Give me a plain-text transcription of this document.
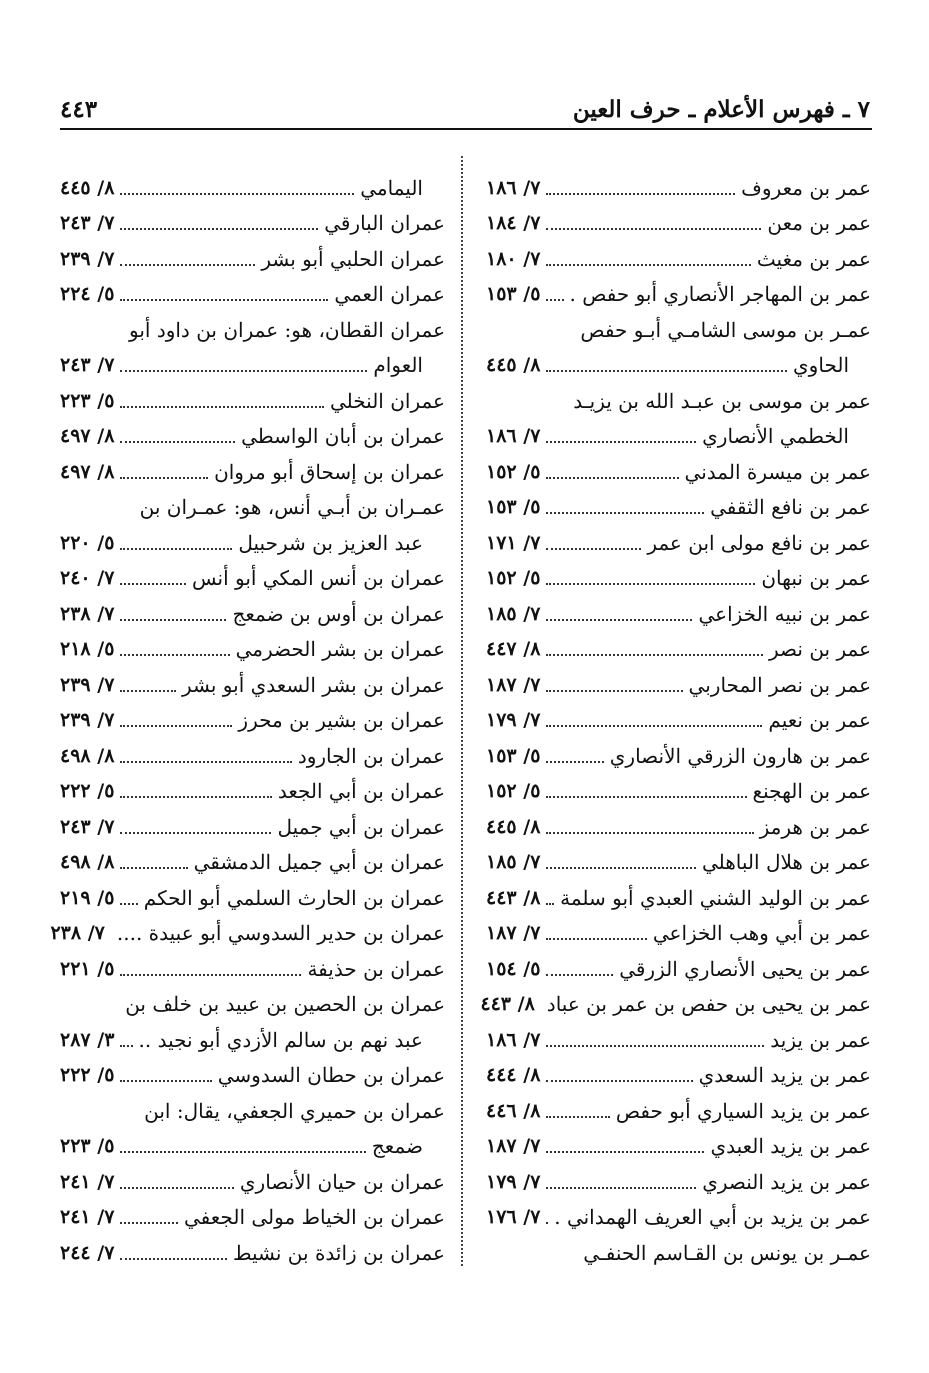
٧ ـ فهرس الأعلام ـ حرف العين
٤٤٣
عمر بن معروف
٧/ ١٨٦
عمر بن معن
٧/ ١٨٤
عمر بن مغيث
٧/ ١٨٠
عمر بن المهاجر الأنصاري أبو حفص .
٥/ ١٥٣
عمـر بن موسى الشامـي أبـو حفص
الحاوي
٨/ ٤٤٥
عمر بن موسى بن عبـد الله بن يزيـد
الخطمي الأنصاري
٧/ ١٨٦
عمر بن ميسرة المدني
٥/ ١٥٢
عمر بن نافع الثقفي
٥/ ١٥٣
عمر بن نافع مولى ابن عمر
٧/ ١٧١
عمر بن نبهان
٥/ ١٥٢
عمر بن نبيه الخزاعي
٧/ ١٨٥
عمر بن نصر
٨/ ٤٤٧
عمر بن نصر المحاربي
٧/ ١٨٧
عمر بن نعيم
٧/ ١٧٩
عمر بن هارون الزرقي الأنصاري
٥/ ١٥٣
عمر بن الهجنع
٥/ ١٥٢
عمر بن هرمز
٨/ ٤٤٥
عمر بن هلال الباهلي
٧/ ١٨٥
عمر بن الوليد الشني العبدي أبو سلمة
٨/ ٤٤٣
عمر بن أبي وهب الخزاعي
٧/ ١٨٧
عمر بن يحيى الأنصاري الزرقي
٥/ ١٥٤
عمر بن يحيى بن حفص بن عمر بن عباد
٨/ ٤٤٣
عمر بن يزيد
٧/ ١٨٦
عمر بن يزيد السعدي
٨/ ٤٤٤
عمر بن يزيد السياري أبو حفص
٨/ ٤٤٦
عمر بن يزيد العبدي
٧/ ١٨٧
عمر بن يزيد النصري
٧/ ١٧٩
عمر بن يزيد بن أبي العريف الهمداني .
٧/ ١٧٦
عمـر بن يونس بن القـاسم الحنفـي
اليمامي
٨/ ٤٤٥
عمران البارقي
٧/ ٢٤٣
عمران الحلبي أبو بشر
٧/ ٢٣٩
عمران العمي
٥/ ٢٢٤
عمران القطان، هو: عمران بن داود أبو
العوام
٧/ ٢٤٣
عمران النخلي
٥/ ٢٢٣
عمران بن أبان الواسطي
٨/ ٤٩٧
عمران بن إسحاق أبو مروان
٨/ ٤٩٧
عمـران بن أبـي أنس، هو: عمـران بن
عبد العزيز بن شرحبيل
٥/ ٢٢٠
عمران بن أنس المكي أبو أنس
٧/ ٢٤٠
عمران بن أوس بن ضمعج
٧/ ٢٣٨
عمران بن بشر الحضرمي
٥/ ٢١٨
عمران بن بشر السعدي أبو بشر
٧/ ٢٣٩
عمران بن بشير بن محرز
٧/ ٢٣٩
عمران بن الجارود
٨/ ٤٩٨
عمران بن أبي الجعد
٥/ ٢٢٢
عمران بن أبي جميل
٧/ ٢٤٣
عمران بن أبي جميل الدمشقي
٨/ ٤٩٨
عمران بن الحارث السلمي أبو الحكم
٥/ ٢١٩
عمران بن حدير السدوسي أبو عبيدة ....
٧/ ٢٣٨
عمران بن حذيفة
٥/ ٢٢١
عمران بن الحصين بن عبيد بن خلف بن
عبد نهم بن سالم الأزدي أبو نجيد ..
٣/ ٢٨٧
عمران بن حطان السدوسي
٥/ ٢٢٢
عمران بن حميري الجعفي، يقال: ابن
ضمعج
٥/ ٢٢٣
عمران بن حيان الأنصاري
٧/ ٢٤١
عمران بن الخياط مولى الجعفي
٧/ ٢٤١
عمران بن زائدة بن نشيط
٧/ ٢٤٤
